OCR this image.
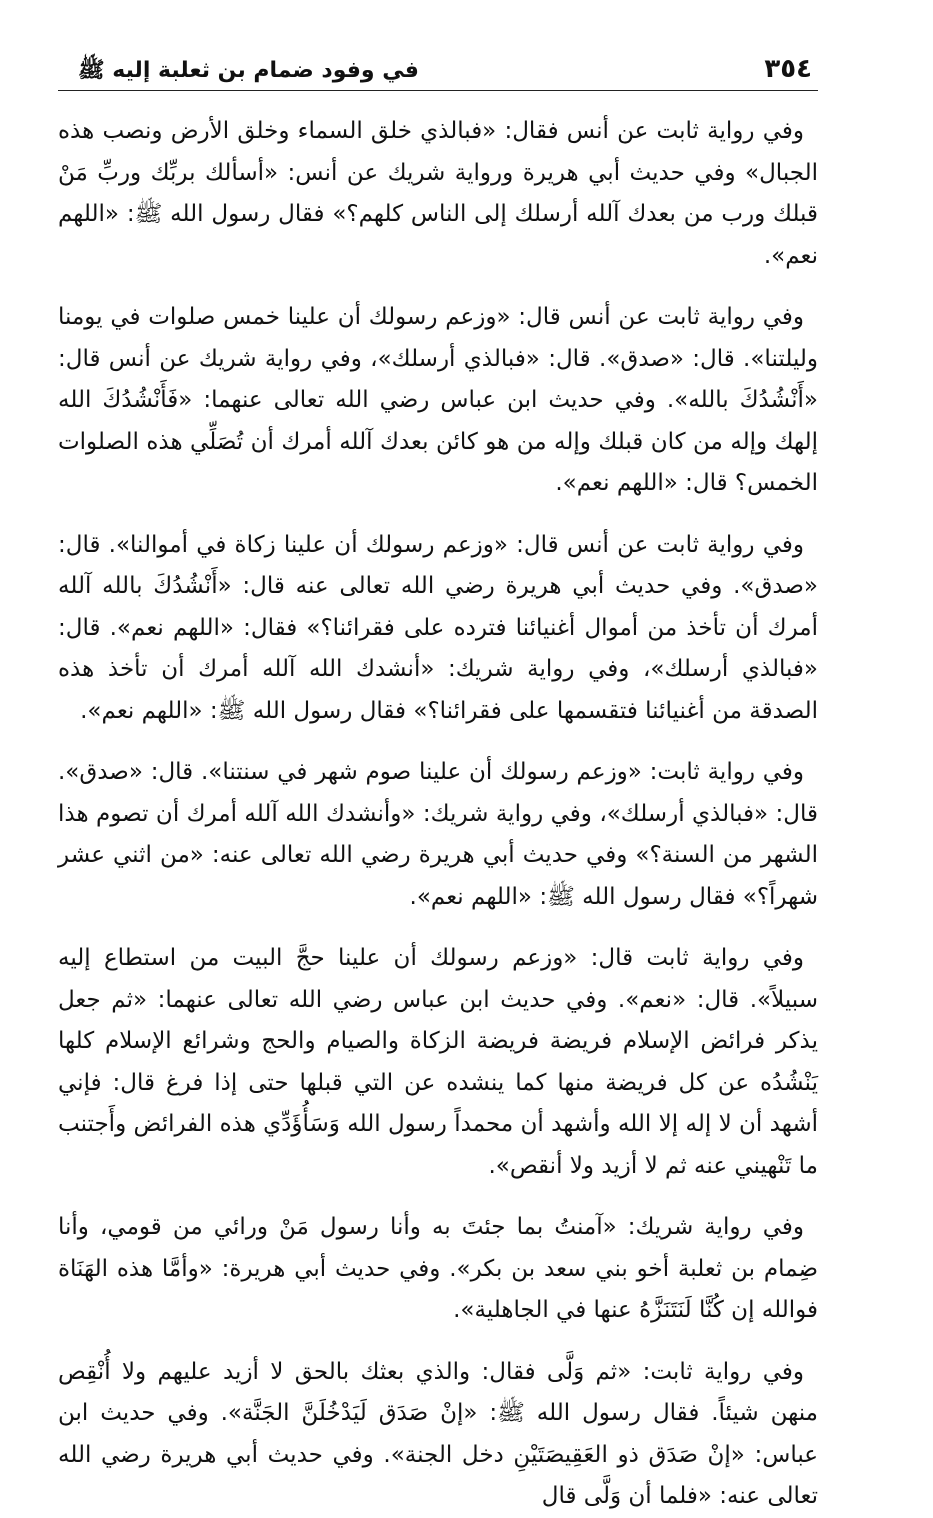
٣٥٤
في وفود ضمام بن ثعلبة إليه ﷺ

وفي رواية ثابت عن أنس فقال: «فبالذي خلق السماء وخلق الأرض ونصب هذه الجبال» وفي حديث أبي هريرة ورواية شريك عن أنس: «أسألك بربِّك وربِّ مَنْ قبلك ورب من بعدك آلله أرسلك إلى الناس كلهم؟» فقال رسول الله ﷺ: «اللهم نعم».

وفي رواية ثابت عن أنس قال: «وزعم رسولك أن علينا خمس صلوات في يومنا وليلتنا». قال: «صدق». قال: «فبالذي أرسلك»، وفي رواية شريك عن أنس قال: «أَنْشُدُكَ بالله». وفي حديث ابن عباس رضي الله تعالى عنهما: «فَأَنْشُدُكَ الله إلهك وإله من كان قبلك وإله من هو كائن بعدك آلله أمرك أن تُصَلِّي هذه الصلوات الخمس؟ قال: «اللهم نعم».

وفي رواية ثابت عن أنس قال: «وزعم رسولك أن علينا زكاة في أموالنا». قال: «صدق». وفي حديث أبي هريرة رضي الله تعالى عنه قال: «أَنْشُدُكَ بالله آلله أمرك أن تأخذ من أموال أغنيائنا فترده على فقرائنا؟» فقال: «اللهم نعم». قال: «فبالذي أرسلك»، وفي رواية شريك: «أنشدك الله آلله أمرك أن تأخذ هذه الصدقة من أغنيائنا فتقسمها على فقرائنا؟» فقال رسول الله ﷺ: «اللهم نعم».

وفي رواية ثابت: «وزعم رسولك أن علينا صوم شهر في سنتنا». قال: «صدق». قال: «فبالذي أرسلك»، وفي رواية شريك: «وأنشدك الله آلله أمرك أن تصوم هذا الشهر من السنة؟» وفي حديث أبي هريرة رضي الله تعالى عنه: «من اثني عشر شهراً؟» فقال رسول الله ﷺ: «اللهم نعم».

وفي رواية ثابت قال: «وزعم رسولك أن علينا حجَّ البيت من استطاع إليه سبيلاً». قال: «نعم». وفي حديث ابن عباس رضي الله تعالى عنهما: «ثم جعل يذكر فرائض الإسلام فريضة فريضة الزكاة والصيام والحج وشرائع الإسلام كلها يَنْشُدُه عن كل فريضة منها كما ينشده عن التي قبلها حتى إذا فرغ قال: فإني أشهد أن لا إله إلا الله وأشهد أن محمداً رسول الله وَسَأُؤَدِّي هذه الفرائض وأَجتنب ما تَنْهيني عنه ثم لا أزيد ولا أنقص».

وفي رواية شريك: «آمنتُ بما جئتَ به وأنا رسول مَنْ ورائي من قومي، وأنا ضِمام بن ثعلبة أخو بني سعد بن بكر». وفي حديث أبي هريرة: «وأمَّا هذه الهَنَاة فوالله إن كُنَّا لَنَتَنَزَّهُ عنها في الجاهلية».

وفي رواية ثابت: «ثم وَلَّى فقال: والذي بعثك بالحق لا أزيد عليهم ولا أُنْقِص منهن شيئاً. فقال رسول الله ﷺ: «إنْ صَدَق لَيَدْخُلَنَّ الجَنَّة». وفي حديث ابن عباس: «إنْ صَدَق ذو العَقِيصَتَيْنِ دخل الجنة». وفي حديث أبي هريرة رضي الله تعالى عنه: «فلما أن وَلَّى قال
